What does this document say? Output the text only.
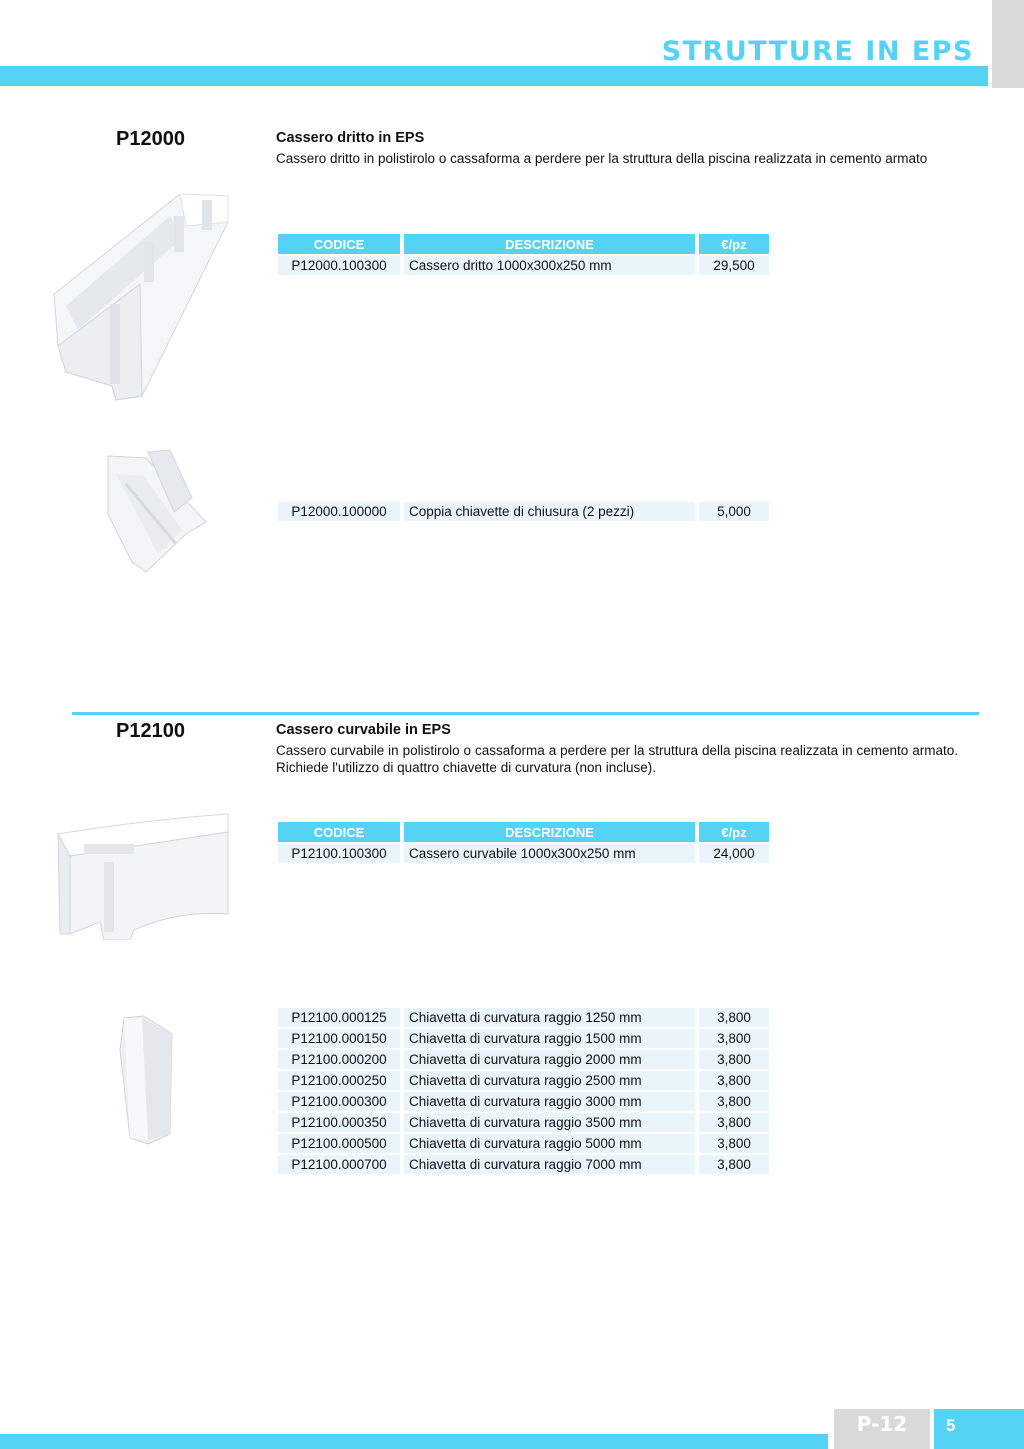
STRUTTURE IN EPS
P12000	Cassero dritto in EPS
Cassero dritto in polistirolo o cassaforma a perdere per la struttura della piscina realizzata in cemento armato
CODICE	DESCRIZIONE	€/pz
P12000.100300	Cassero dritto 1000x300x250 mm	29,500
P12000.100000	Coppia chiavette di chiusura (2 pezzi)	5,000
P12100	Cassero curvabile in EPS
Cassero curvabile in polistirolo o cassaforma a perdere per la struttura della piscina realizzata in cemento armato. Richiede l'utilizzo di quattro chiavette di curvatura (non incluse).
CODICE	DESCRIZIONE	€/pz
P12100.100300	Cassero curvabile 1000x300x250 mm	24,000
P12100.000125	Chiavetta di curvatura raggio 1250 mm	3,800
P12100.000150	Chiavetta di curvatura raggio 1500 mm	3,800
P12100.000200	Chiavetta di curvatura raggio 2000 mm	3,800
P12100.000250	Chiavetta di curvatura raggio 2500 mm	3,800
P12100.000300	Chiavetta di curvatura raggio 3000 mm	3,800
P12100.000350	Chiavetta di curvatura raggio 3500 mm	3,800
P12100.000500	Chiavetta di curvatura raggio 5000 mm	3,800
P12100.000700	Chiavetta di curvatura raggio 7000 mm	3,800
P-12	5
